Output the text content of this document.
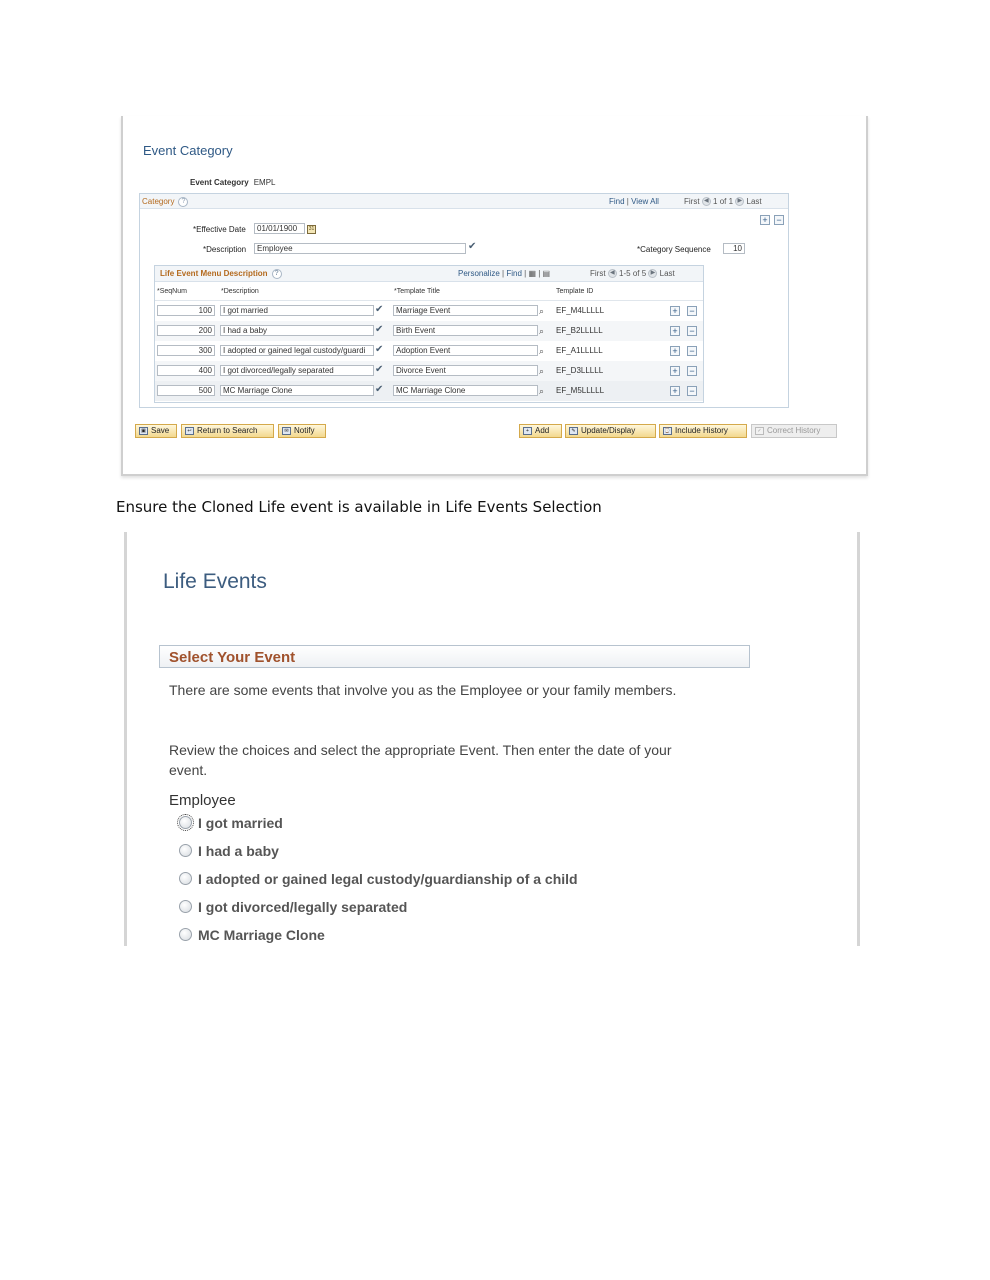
Event Category
Event Category EMPL
Category ?	Find | View All	First ◀ 1 of 1 ▶ Last
+ −
*Effective Date	01/01/1900	31
*Description	Employee	✔	*Category Sequence	10
Life Event Menu Description ?	Personalize | Find | ▦ | ▤	First ◀ 1-5 of 5 ▶ Last
*SeqNum	*Description	*Template Title	Template ID
100	I got married	✔	Marriage Event	⌕ EF_M4LLLLL	+ −
200	I had a baby	✔	Birth Event	⌕ EF_B2LLLLL	+ −
300	I adopted or gained legal custody/guardi ✔	Adoption Event	⌕ EF_A1LLLLL	+ −
400	I got divorced/legally separated	✔	Divorce Event	⌕ EF_D3LLLLL	+ −
500	MC Marriage Clone	✔	MC Marriage Clone	⌕ EF_M5LLLLL	+ −
▣ Save	↩ Return to Search	✉ Notify	+ Add	✎ Update/Display	⌚ Include History	✓ Correct History
Ensure the Cloned Life event is available in Life Events Selection
Life Events
Select Your Event
There are some events that involve you as the Employee or your family members.
Review the choices and select the appropriate Event. Then enter the date of your event.
Employee
I got married
I had a baby
I adopted or gained legal custody/guardianship of a child
I got divorced/legally separated
MC Marriage Clone
